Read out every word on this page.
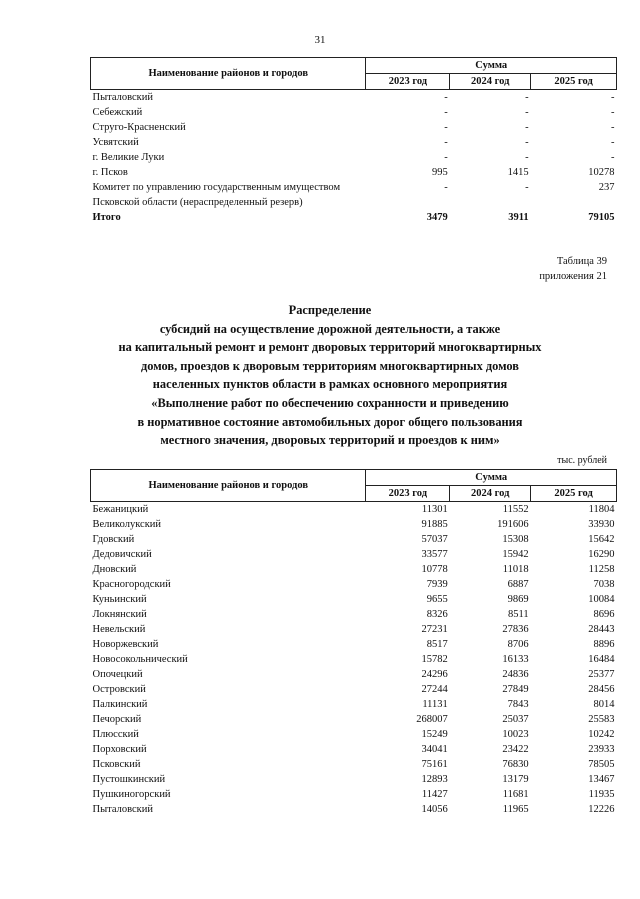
31
Наименование районов и городов	Сумма		
	2023 год	2024 год	2025 год
Пыталовский	-	-	-
Себежский	-	-	-
Струго-Красненский	-	-	-
Усвятский	-	-	-
г. Великие Луки	-	-	-
г. Псков	995	1415	10278
Комитет по управлению государственным имуществом Псковской области (нераспределенный резерв)	-	-	237
Итого	3479	3911	79105
Таблица 39
приложения 21
Распределение
субсидий на осуществление дорожной деятельности, а также
на капитальный ремонт и ремонт дворовых территорий многоквартирных
домов, проездов к дворовым территориям многоквартирных домов
населенных пунктов области в рамках основного мероприятия
«Выполнение работ по обеспечению сохранности и приведению
в нормативное состояние автомобильных дорог общего пользования
местного значения, дворовых территорий и проездов к ним»
тыс. рублей
Наименование районов и городов	Сумма		
	2023 год	2024 год	2025 год
Бежаницкий	11301	11552	11804
Великолукский	91885	191606	33930
Гдовский	57037	15308	15642
Дедовичский	33577	15942	16290
Дновский	10778	11018	11258
Красногородский	7939	6887	7038
Куньинский	9655	9869	10084
Локнянский	8326	8511	8696
Невельский	27231	27836	28443
Новоржевский	8517	8706	8896
Новосокольнический	15782	16133	16484
Опочецкий	24296	24836	25377
Островский	27244	27849	28456
Палкинский	11131	7843	8014
Печорский	268007	25037	25583
Плюсский	15249	10023	10242
Порховский	34041	23422	23933
Псковский	75161	76830	78505
Пустошкинский	12893	13179	13467
Пушкиногорский	11427	11681	11935
Пыталовский	14056	11965	12226
